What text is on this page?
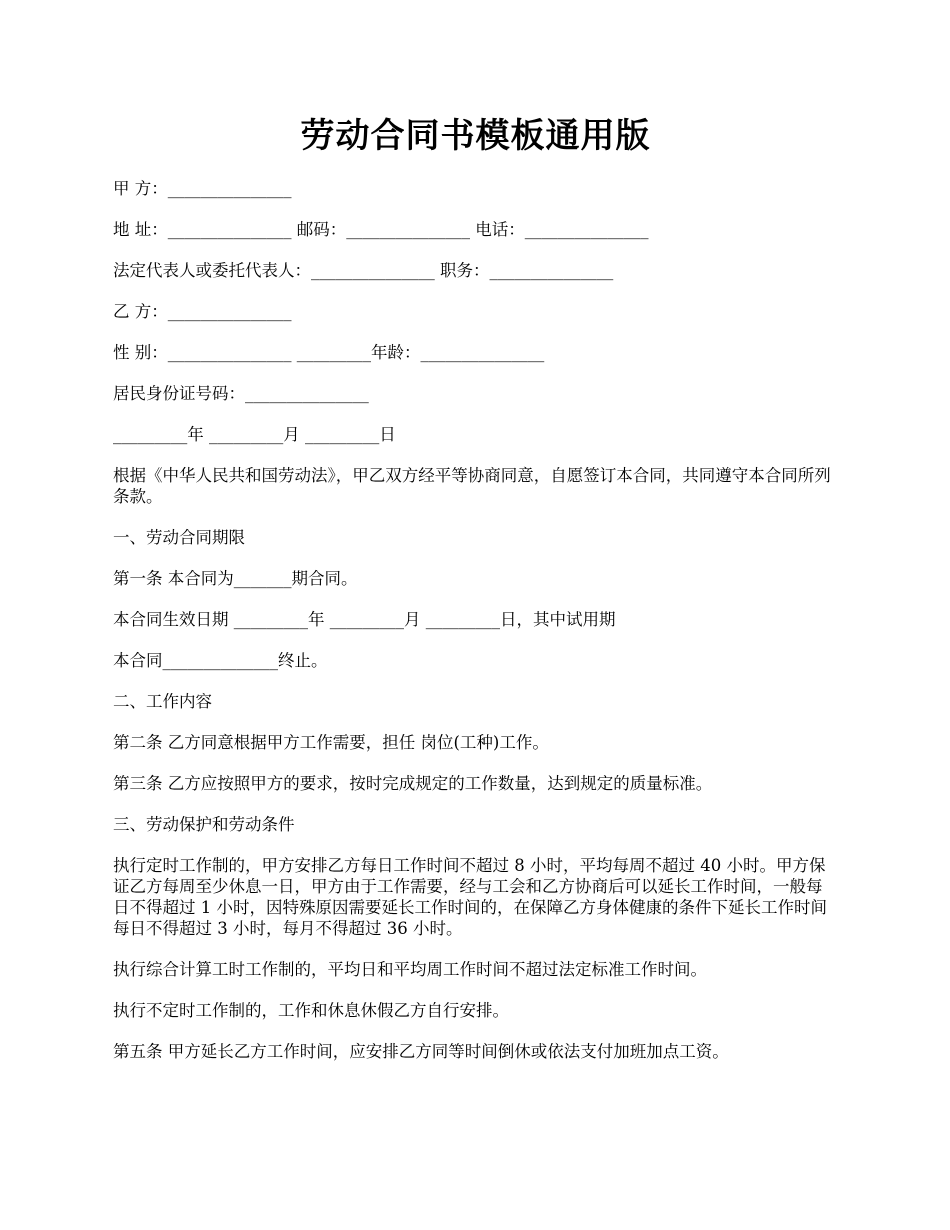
劳动合同书模板通用版

甲 方：_______________

地 址：_______________ 邮码：_______________ 电话：_______________

法定代表人或委托代表人：_______________ 职务：_______________

乙 方：_______________

性 别：_______________ _________年龄：_______________

居民身份证号码：_______________

_________年 _________月 _________日

根据《中华人民共和国劳动法》，甲乙双方经平等协商同意，自愿签订本合同，共同遵守本合同所列条款。

一、劳动合同期限

第一条 本合同为_______期合同。

本合同生效日期 _________年 _________月 _________日，其中试用期

本合同______________终止。

二、工作内容

第二条 乙方同意根据甲方工作需要，担任 岗位(工种)工作。

第三条 乙方应按照甲方的要求，按时完成规定的工作数量，达到规定的质量标准。

三、劳动保护和劳动条件

执行定时工作制的，甲方安排乙方每日工作时间不超过 8 小时，平均每周不超过 40 小时。甲方保证乙方每周至少休息一日，甲方由于工作需要，经与工会和乙方协商后可以延长工作时间，一般每日不得超过 1 小时，因特殊原因需要延长工作时间的，在保障乙方身体健康的条件下延长工作时间每日不得超过 3 小时，每月不得超过 36 小时。

执行综合计算工时工作制的，平均日和平均周工作时间不超过法定标准工作时间。

执行不定时工作制的，工作和休息休假乙方自行安排。

第五条 甲方延长乙方工作时间，应安排乙方同等时间倒休或依法支付加班加点工资。
